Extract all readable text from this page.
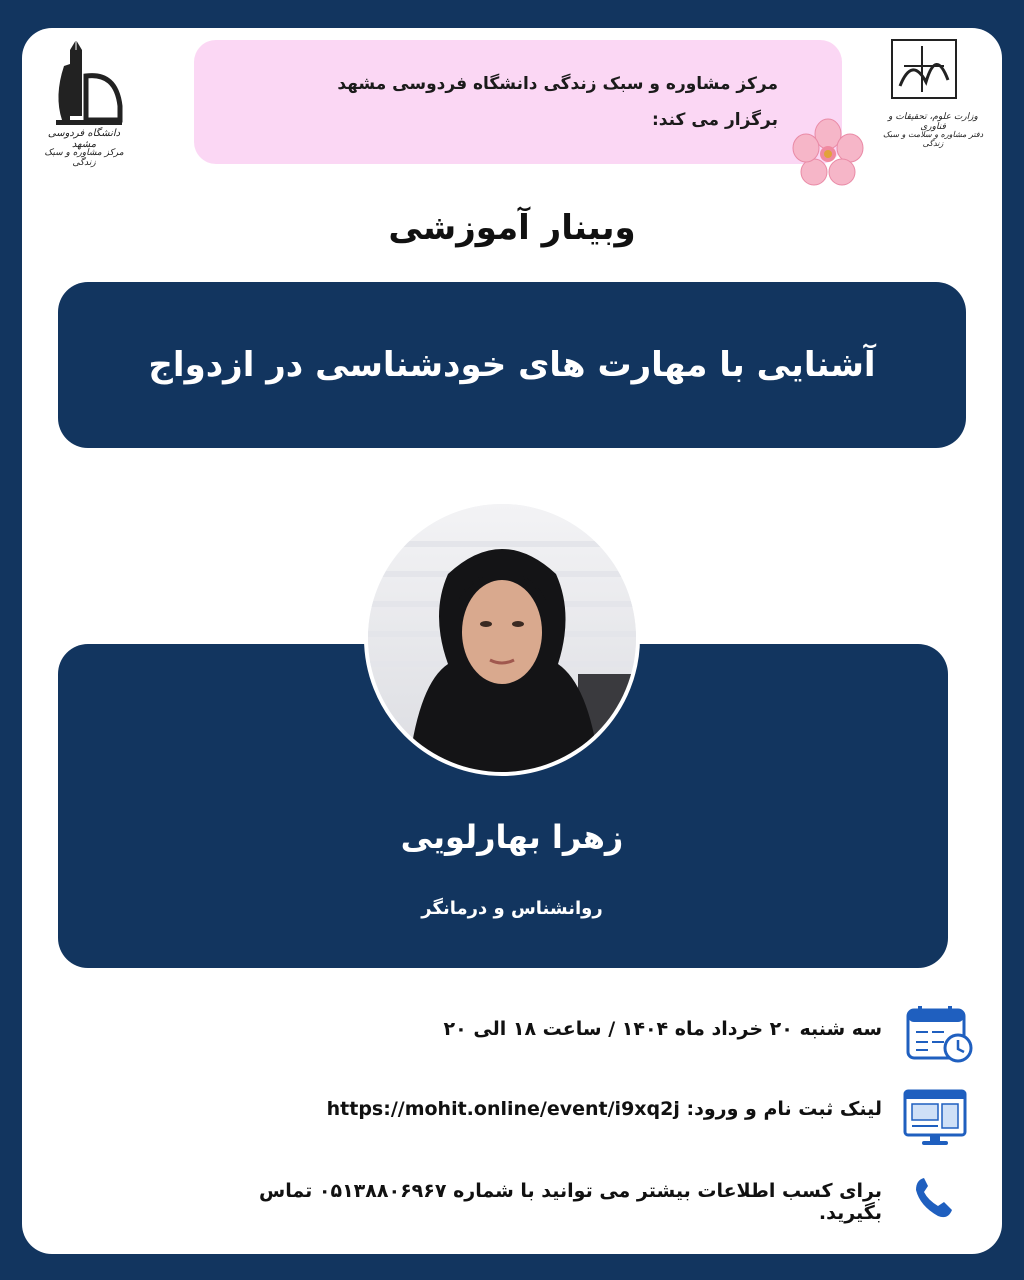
دانشگاه فردوسی مشهد
مرکز مشاوره و سبک زندگی
مرکز مشاوره و سبک زندگی دانشگاه فردوسی مشهد
برگزار می کند:	وزارت علوم، تحقیقات و فناوری
دفتر مشاوره و سلامت و سبک زندگی
وبینار آموزشی
آشنایی با مهارت های خودشناسی در ازدواج
زهرا بهارلویی
روانشناس و درمانگر
سه شنبه ۲۰ خرداد ماه ۱۴۰۴ / ساعت ۱۸ الی ۲۰
لینک ثبت نام و ورود: https://mohit.online/event/i9xq2j
برای کسب اطلاعات بیشتر می توانید با شماره ۰۵۱۳۸۸۰۶۹۶۷ تماس بگیرید.
